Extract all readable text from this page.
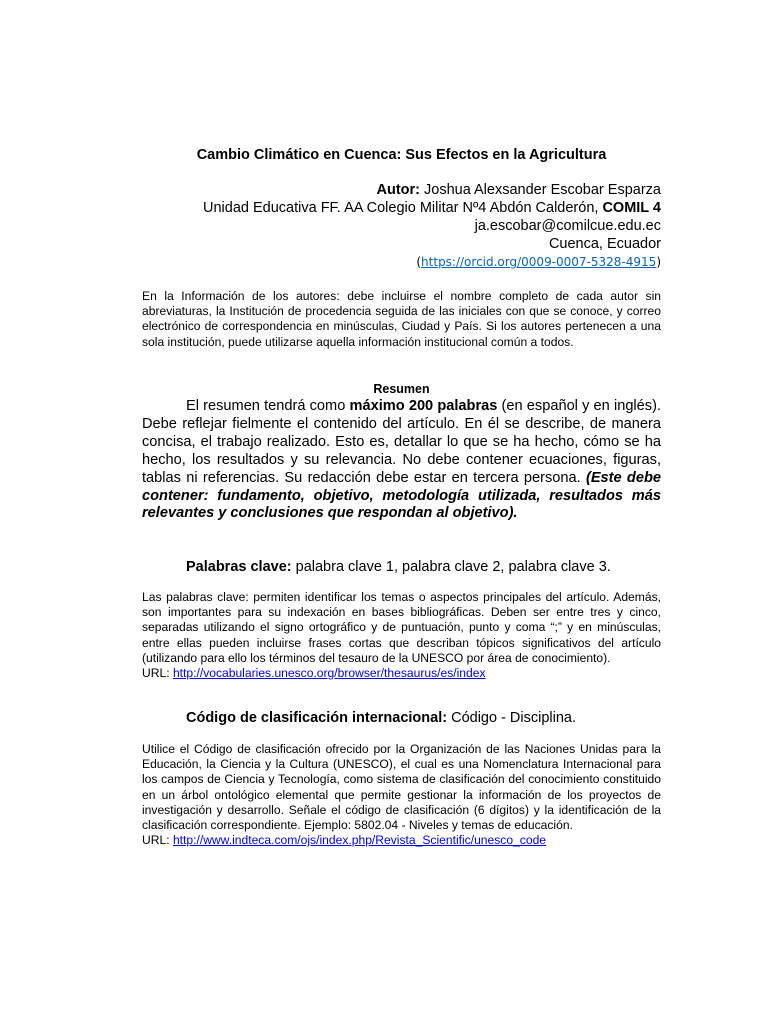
Cambio Climático en Cuenca: Sus Efectos en la Agricultura
Autor: Joshua Alexsander Escobar Esparza
Unidad Educativa FF. AA Colegio Militar Nº4 Abdón Calderón, COMIL 4
ja.escobar@comilcue.edu.ec
Cuenca, Ecuador
(https://orcid.org/0009-0007-5328-4915)
En la Información de los autores: debe incluirse el nombre completo de cada autor sin abreviaturas, la Institución de procedencia seguida de las iniciales con que se conoce, y correo electrónico de correspondencia en minúsculas, Ciudad y País. Si los autores pertenecen a una sola institución, puede utilizarse aquella información institucional común a todos.
Resumen
El resumen tendrá como máximo 200 palabras (en español y en inglés). Debe reflejar fielmente el contenido del artículo. En él se describe, de manera concisa, el trabajo realizado. Esto es, detallar lo que se ha hecho, cómo se ha hecho, los resultados y su relevancia. No debe contener ecuaciones, figuras, tablas ni referencias. Su redacción debe estar en tercera persona. (Este debe contener: fundamento, objetivo, metodología utilizada, resultados más relevantes y conclusiones que respondan al objetivo).
Palabras clave: palabra clave 1, palabra clave 2, palabra clave 3.
Las palabras clave: permiten identificar los temas o aspectos principales del artículo. Además, son importantes para su indexación en bases bibliográficas. Deben ser entre tres y cinco, separadas utilizando el signo ortográfico y de puntuación, punto y coma “;” y en minúsculas, entre ellas pueden incluirse frases cortas que describan tópicos significativos del artículo (utilizando para ello los términos del tesauro de la UNESCO por área de conocimiento).
URL: http://vocabularies.unesco.org/browser/thesaurus/es/index
Código de clasificación internacional: Código - Disciplina.
Utilice el Código de clasificación ofrecido por la Organización de las Naciones Unidas para la Educación, la Ciencia y la Cultura (UNESCO), el cual es una Nomenclatura Internacional para los campos de Ciencia y Tecnología, como sistema de clasificación del conocimiento constituido en un árbol ontológico elemental que permite gestionar la información de los proyectos de investigación y desarrollo. Señale el código de clasificación (6 dígitos) y la identificación de la clasificación correspondiente. Ejemplo: 5802.04 - Niveles y temas de educación.
URL: http://www.indteca.com/ojs/index.php/Revista_Scientific/unesco_code
